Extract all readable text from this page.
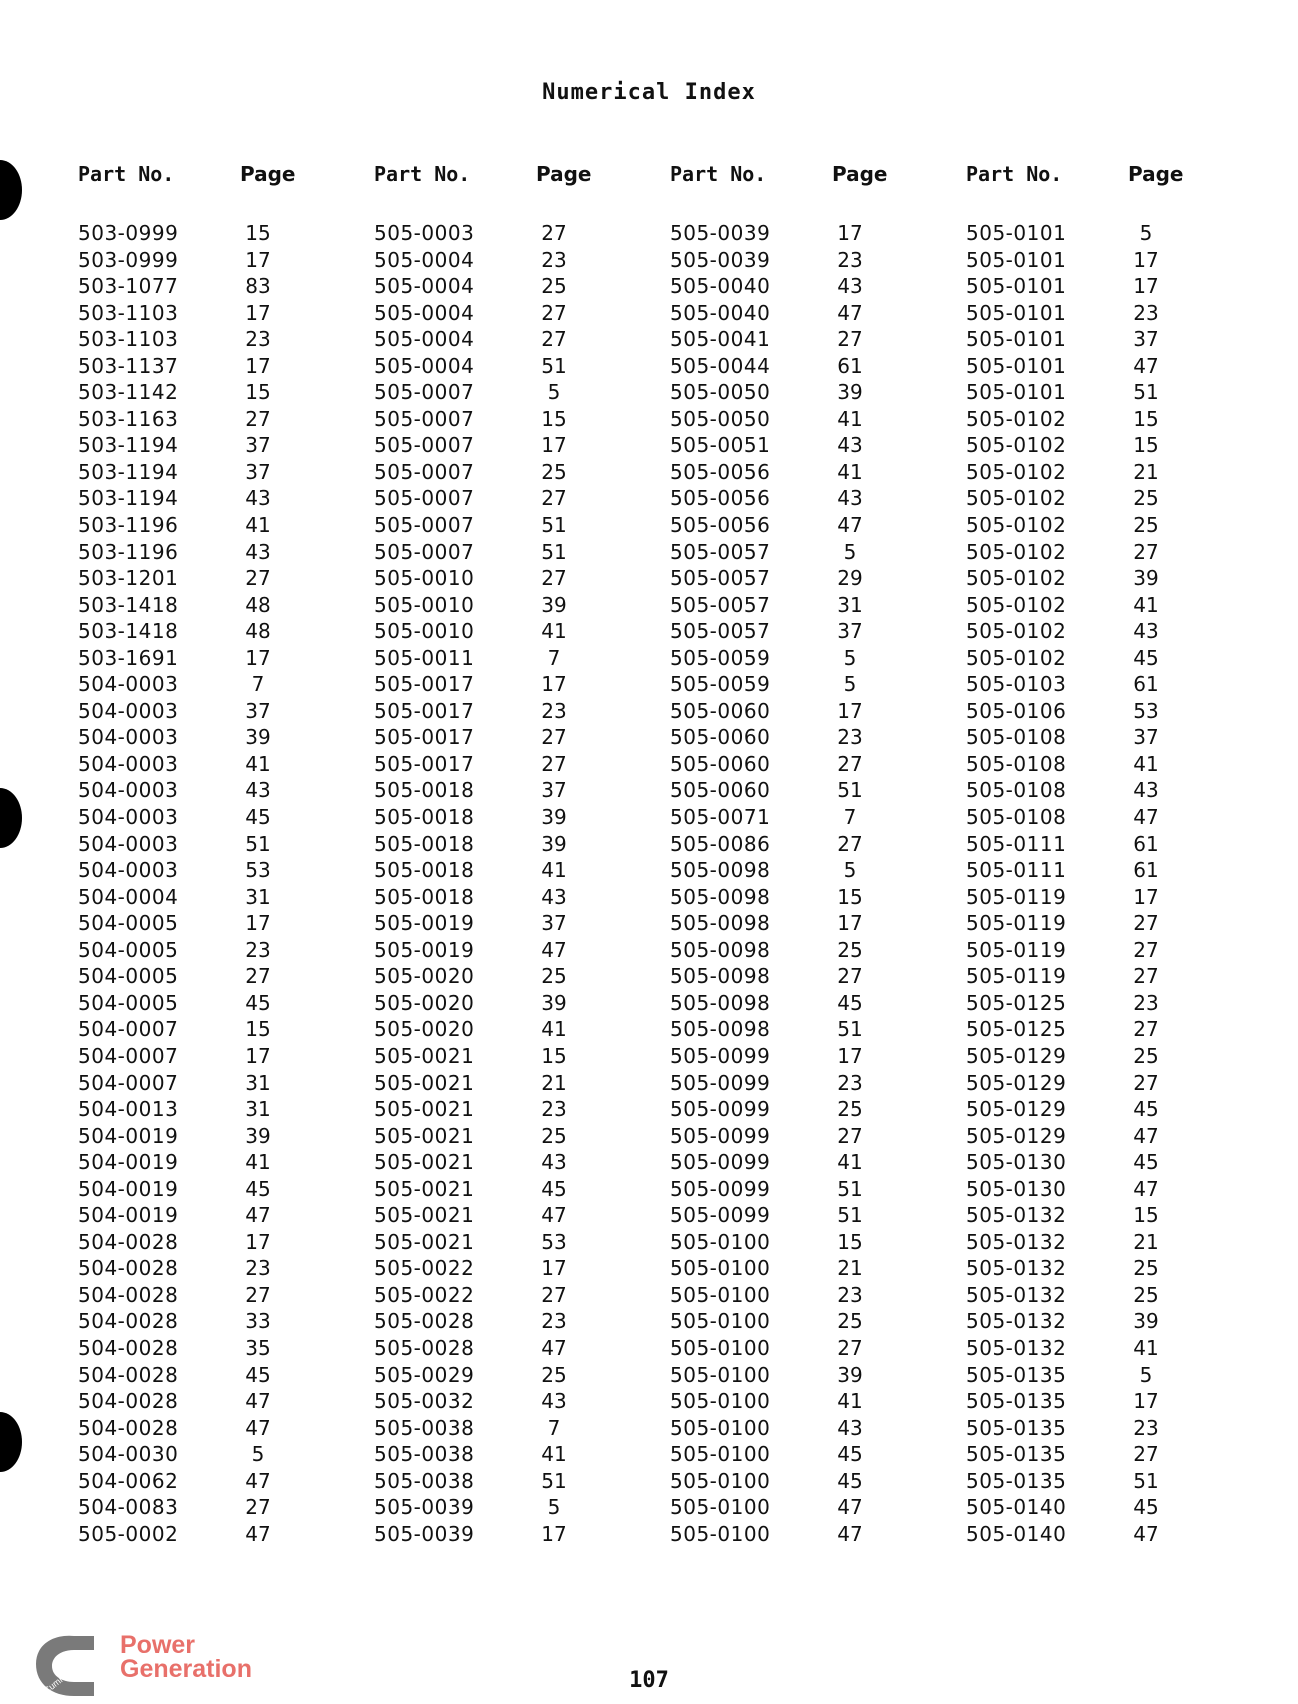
Numerical Index
Part No.	Page
503-0999	15
503-0999	17
503-1077	83
503-1103	17
503-1103	23
503-1137	17
503-1142	15
503-1163	27
503-1194	37
503-1194	37
503-1194	43
503-1196	41
503-1196	43
503-1201	27
503-1418	48
503-1418	48
503-1691	17
504-0003	7
504-0003	37
504-0003	39
504-0003	41
504-0003	43
504-0003	45
504-0003	51
504-0003	53
504-0004	31
504-0005	17
504-0005	23
504-0005	27
504-0005	45
504-0007	15
504-0007	17
504-0007	31
504-0013	31
504-0019	39
504-0019	41
504-0019	45
504-0019	47
504-0028	17
504-0028	23
504-0028	27
504-0028	33
504-0028	35
504-0028	45
504-0028	47
504-0028	47
504-0030	5
504-0062	47
504-0083	27
505-0002	47
Part No.	Page
505-0003	27
505-0004	23
505-0004	25
505-0004	27
505-0004	27
505-0004	51
505-0007	5
505-0007	15
505-0007	17
505-0007	25
505-0007	27
505-0007	51
505-0007	51
505-0010	27
505-0010	39
505-0010	41
505-0011	7
505-0017	17
505-0017	23
505-0017	27
505-0017	27
505-0018	37
505-0018	39
505-0018	39
505-0018	41
505-0018	43
505-0019	37
505-0019	47
505-0020	25
505-0020	39
505-0020	41
505-0021	15
505-0021	21
505-0021	23
505-0021	25
505-0021	43
505-0021	45
505-0021	47
505-0021	53
505-0022	17
505-0022	27
505-0028	23
505-0028	47
505-0029	25
505-0032	43
505-0038	7
505-0038	41
505-0038	51
505-0039	5
505-0039	17
Part No.	Page
505-0039	17
505-0039	23
505-0040	43
505-0040	47
505-0041	27
505-0044	61
505-0050	39
505-0050	41
505-0051	43
505-0056	41
505-0056	43
505-0056	47
505-0057	5
505-0057	29
505-0057	31
505-0057	37
505-0059	5
505-0059	5
505-0060	17
505-0060	23
505-0060	27
505-0060	51
505-0071	7
505-0086	27
505-0098	5
505-0098	15
505-0098	17
505-0098	25
505-0098	27
505-0098	45
505-0098	51
505-0099	17
505-0099	23
505-0099	25
505-0099	27
505-0099	41
505-0099	51
505-0099	51
505-0100	15
505-0100	21
505-0100	23
505-0100	25
505-0100	27
505-0100	39
505-0100	41
505-0100	43
505-0100	45
505-0100	45
505-0100	47
505-0100	47
Part No.	Page
505-0101	5
505-0101	17
505-0101	17
505-0101	23
505-0101	37
505-0101	47
505-0101	51
505-0102	15
505-0102	15
505-0102	21
505-0102	25
505-0102	25
505-0102	27
505-0102	39
505-0102	41
505-0102	43
505-0102	45
505-0103	61
505-0106	53
505-0108	37
505-0108	41
505-0108	43
505-0108	47
505-0111	61
505-0111	61
505-0119	17
505-0119	27
505-0119	27
505-0119	27
505-0125	23
505-0125	27
505-0129	25
505-0129	27
505-0129	45
505-0129	47
505-0130	45
505-0130	47
505-0132	15
505-0132	21
505-0132	25
505-0132	25
505-0132	39
505-0132	41
505-0135	5
505-0135	17
505-0135	23
505-0135	27
505-0135	51
505-0140	45
505-0140	47
Cummins
Power
Generation	107
